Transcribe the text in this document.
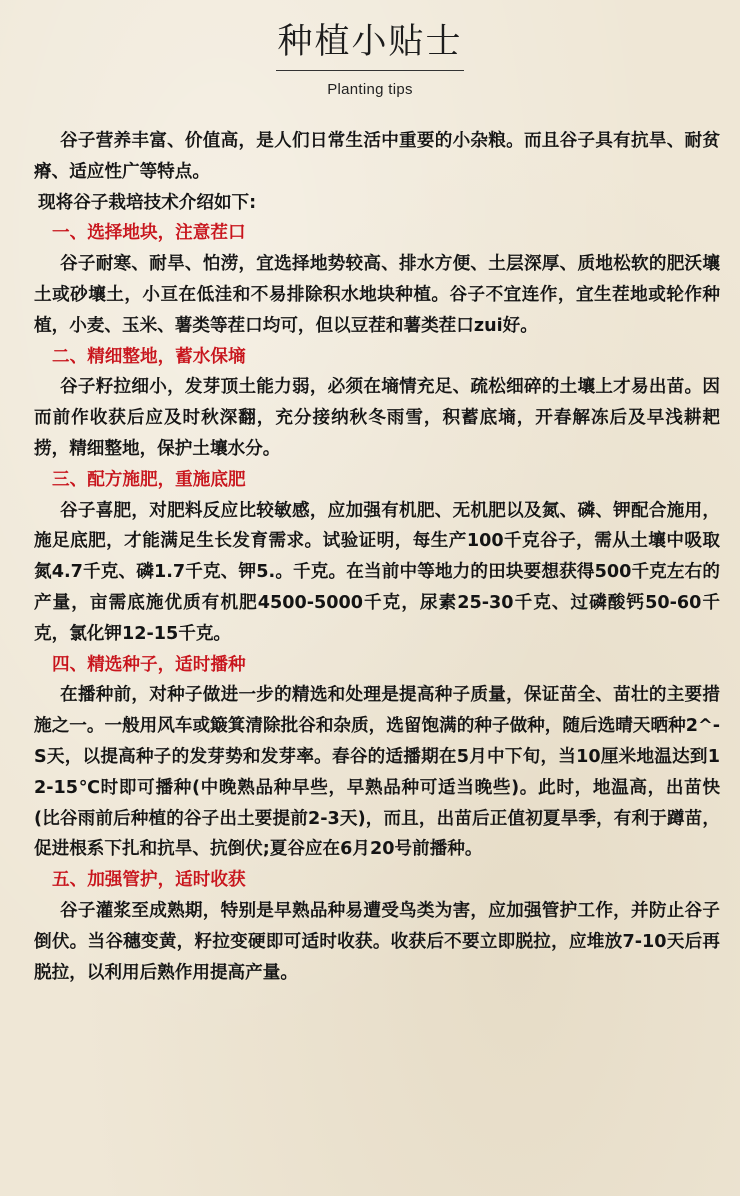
种植小贴士
Planting tips

谷子营养丰富、价值高，是人们日常生活中重要的小杂粮。而且谷子具有抗旱、耐贫瘠、适应性广等特点。

现将谷子栽培技术介绍如下:

一、选择地块，注意茬口

谷子耐寒、耐旱、怕涝，宜选择地势较高、排水方便、土层深厚、质地松软的肥沃壤土或砂壤土，小亘在低洼和不易排除积水地块种植。谷子不宜连作，宜生茬地或轮作种植，小麦、玉米、薯类等茬口均可，但以豆茬和薯类茬口zui好。

二、精细整地，蓄水保墒

谷子籽拉细小，发芽顶土能力弱，必须在墒情充足、疏松细碎的土壤上才易出苗。因而前作收获后应及时秋深翻，充分接纳秋冬雨雪，积蓄底墒，开春解冻后及早浅耕耙捞，精细整地，保护土壤水分。

三、配方施肥，重施底肥

谷子喜肥，对肥料反应比较敏感，应加强有机肥、无机肥以及氮、磷、钾配合施用，施足底肥，才能满足生长发育需求。试验证明，每生产100千克谷子，需从土壤中吸取氮4.7千克、磷1.7千克、钾5.。千克。在当前中等地力的田块要想获得500千克左右的产量，亩需底施优质有机肥4500-5000千克，尿素25-30千克、过磷酸钙50-60千克，氯化钾12-15千克。

四、精选种子，适时播种

在播种前，对种子做进一步的精选和处理是提高种子质量，保证苗全、苗壮的主要措施之一。一般用风车或簸箕清除批谷和杂质，选留饱满的种子做种，随后选晴天晒种2^-S天，以提高种子的发芽势和发芽率。春谷的适播期在5月中下旬，当10厘米地温达到12-15℃时即可播种(中晚熟品种早些，早熟品种可适当晚些)。此时，地温高，出苗快(比谷雨前后种植的谷子出土要提前2-3天)，而且，出苗后正值初夏旱季，有利于蹲苗，促进根系下扎和抗旱、抗倒伏;夏谷应在6月20号前播种。

五、加强管护，适时收获

谷子灌浆至成熟期，特别是早熟品种易遭受鸟类为害，应加强管护工作，并防止谷子倒伏。当谷穗变黄，籽拉变硬即可适时收获。收获后不要立即脱拉，应堆放7-10天后再脱拉，以利用后熟作用提高产量。
